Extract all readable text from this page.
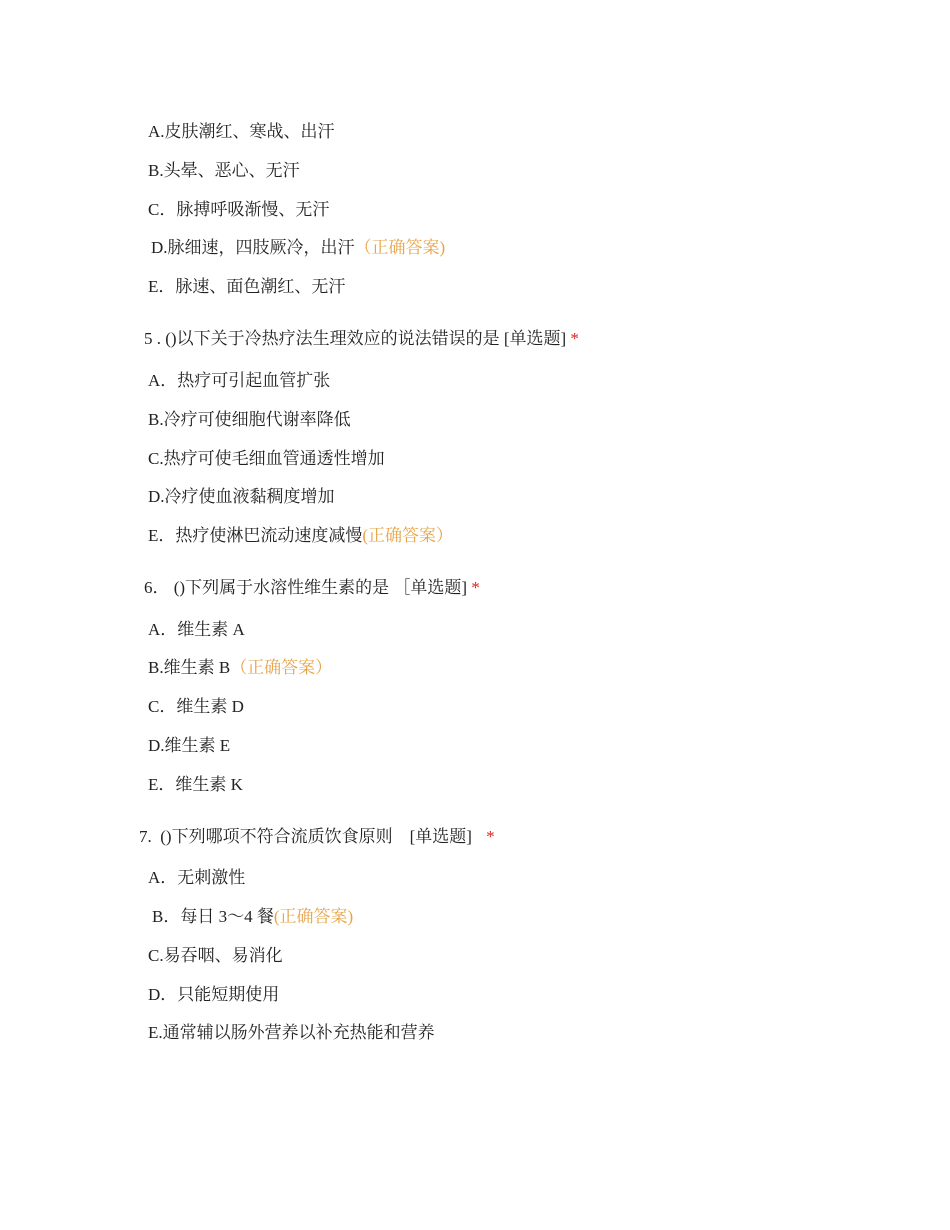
A.皮肤潮红、寒战、出汗
B.头晕、恶心、无汗
C．脉搏呼吸渐慢、无汗
D.脉细速，四肢厥冷，出汗（正确答案)
E．脉速、面色潮红、无汗
5 . ()以下关于冷热疗法生理效应的说法错误的是 [单选题] *
A．热疗可引起血管扩张
B.冷疗可使细胞代谢率降低
C.热疗可使毛细血管通透性增加
D.冷疗使血液黏稠度增加
E．热疗使淋巴流动速度减慢(正确答案）
6． ()下列属于水溶性维生素的是 ［单选题] *
A．维生素 A
B.维生素 B（正确答案）
C．维生素 D
D.维生素 E
E．维生素 K
7.  ()下列哪项不符合流质饮食原则    [单选题] *
A．无刺激性
B．每日 3～4 餐(正确答案)
C.易吞咽、易消化
D．只能短期使用
E.通常辅以肠外营养以补充热能和营养
